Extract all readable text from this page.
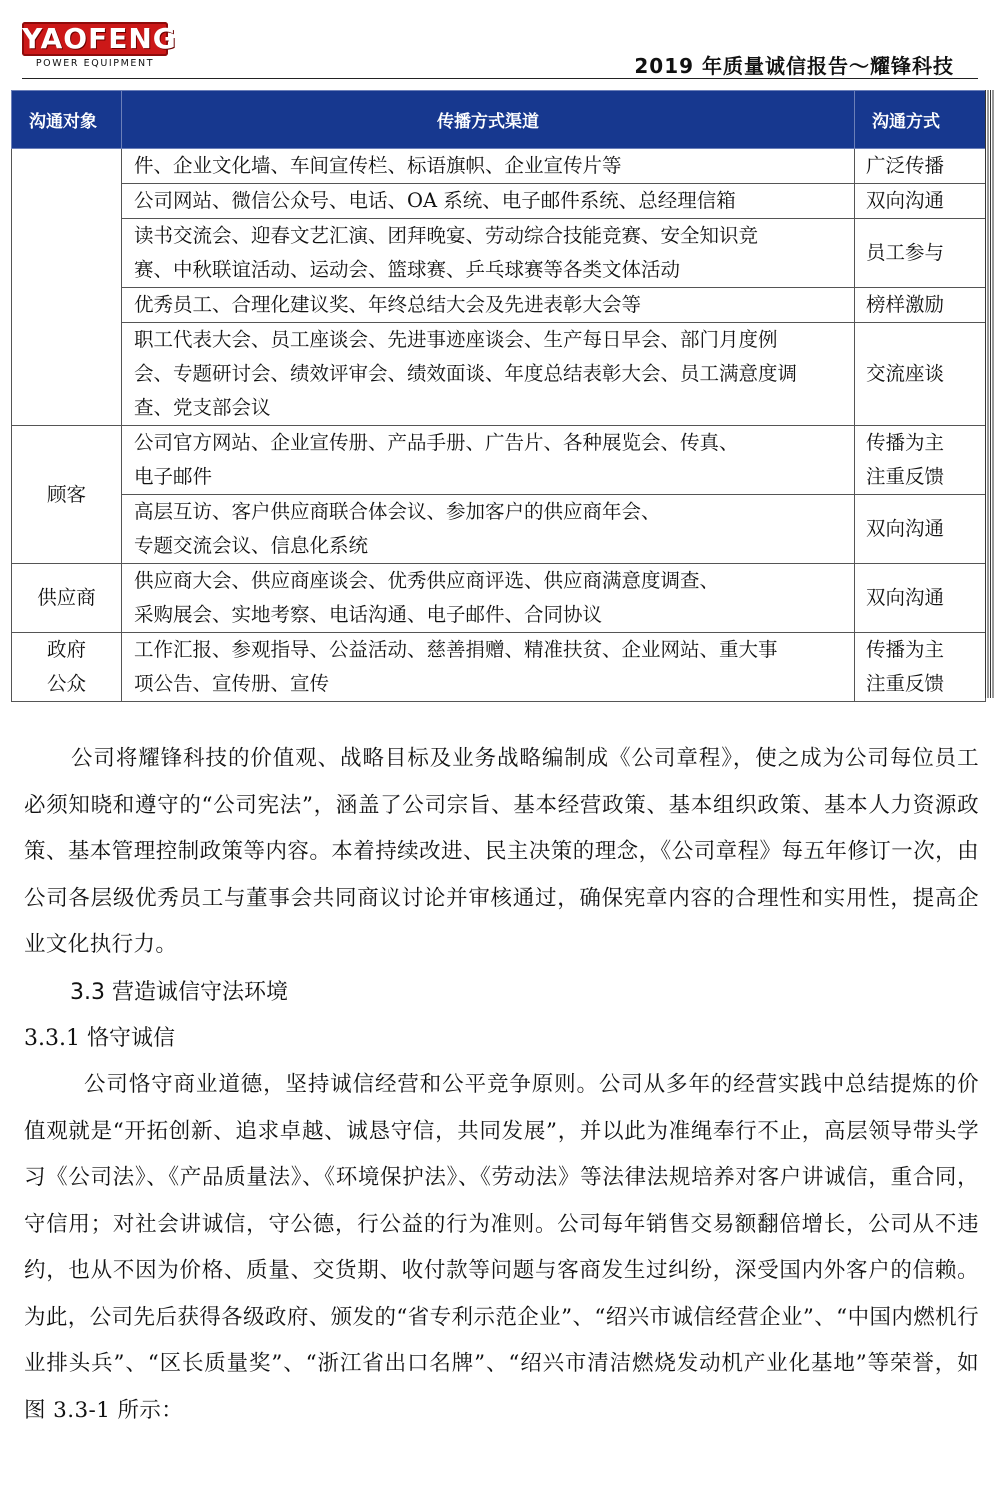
YAOFENG
POWER EQUIPMENT	2019 年质量诚信报告～耀锋科技
沟通对象	传播方式渠道	沟通方式

	件、企业文化墙、车间宣传栏、标语旗帜、企业宣传片等	广泛传播

	公司网站、微信公众号、电话、OA 系统、电子邮件系统、总经理信箱	双向沟通

	读书交流会、迎春文艺汇演、团拜晚宴、劳动综合技能竞赛、安全知识竞
赛、中秋联谊活动、运动会、篮球赛、乒乓球赛等各类文体活动	员工参与

	优秀员工、合理化建议奖、年终总结大会及先进表彰大会等	榜样激励

	职工代表大会、员工座谈会、先进事迹座谈会、生产每日早会、部门月度例
会、专题研讨会、绩效评审会、绩效面谈、年度总结表彰大会、员工满意度调
查、党支部会议	交流座谈

顾客	公司官方网站、企业宣传册、产品手册、广告片、各种展览会、传真、
电子邮件	传播为主
注重反馈

	高层互访、客户供应商联合体会议、参加客户的供应商年会、
专题交流会议、信息化系统	双向沟通

供应商	供应商大会、供应商座谈会、优秀供应商评选、供应商满意度调查、
采购展会、实地考察、电话沟通、电子邮件、合同协议	双向沟通

政府
公众	工作汇报、参观指导、公益活动、慈善捐赠、精准扶贫、企业网站、重大事
项公告、宣传册、宣传	传播为主
注重反馈

公司将耀锋科技的价值观、战略目标及业务战略编制成《公司章程》，使之成为公司每位员工必须知晓和遵守的“公司宪法”，涵盖了公司宗旨、基本经营政策、基本组织政策、基本人力资源政策、基本管理控制政策等内容。本着持续改进、民主决策的理念，《公司章程》每五年修订一次，由公司各层级优秀员工与董事会共同商议讨论并审核通过，确保宪章内容的合理性和实用性，提高企业文化执行力。

3.3 营造诚信守法环境

3.3.1 恪守诚信

公司恪守商业道德，坚持诚信经营和公平竞争原则。公司从多年的经营实践中总结提炼的价值观就是“开拓创新、追求卓越、诚恳守信，共同发展”，并以此为准绳奉行不止，高层领导带头学习《公司法》、《产品质量法》、《环境保护法》、《劳动法》等法律法规培养对客户讲诚信，重合同，守信用；对社会讲诚信，守公德，行公益的行为准则。公司每年销售交易额翻倍增长，公司从不违约，也从不因为价格、质量、交货期、收付款等问题与客商发生过纠纷，深受国内外客户的信赖。为此，公司先后获得各级政府、颁发的“省专利示范企业”、“绍兴市诚信经营企业”、“中国内燃机行业排头兵”、“区长质量奖”、“浙江省出口名牌”、“绍兴市清洁燃烧发动机产业化基地”等荣誉，如图 3.3-1 所示：
